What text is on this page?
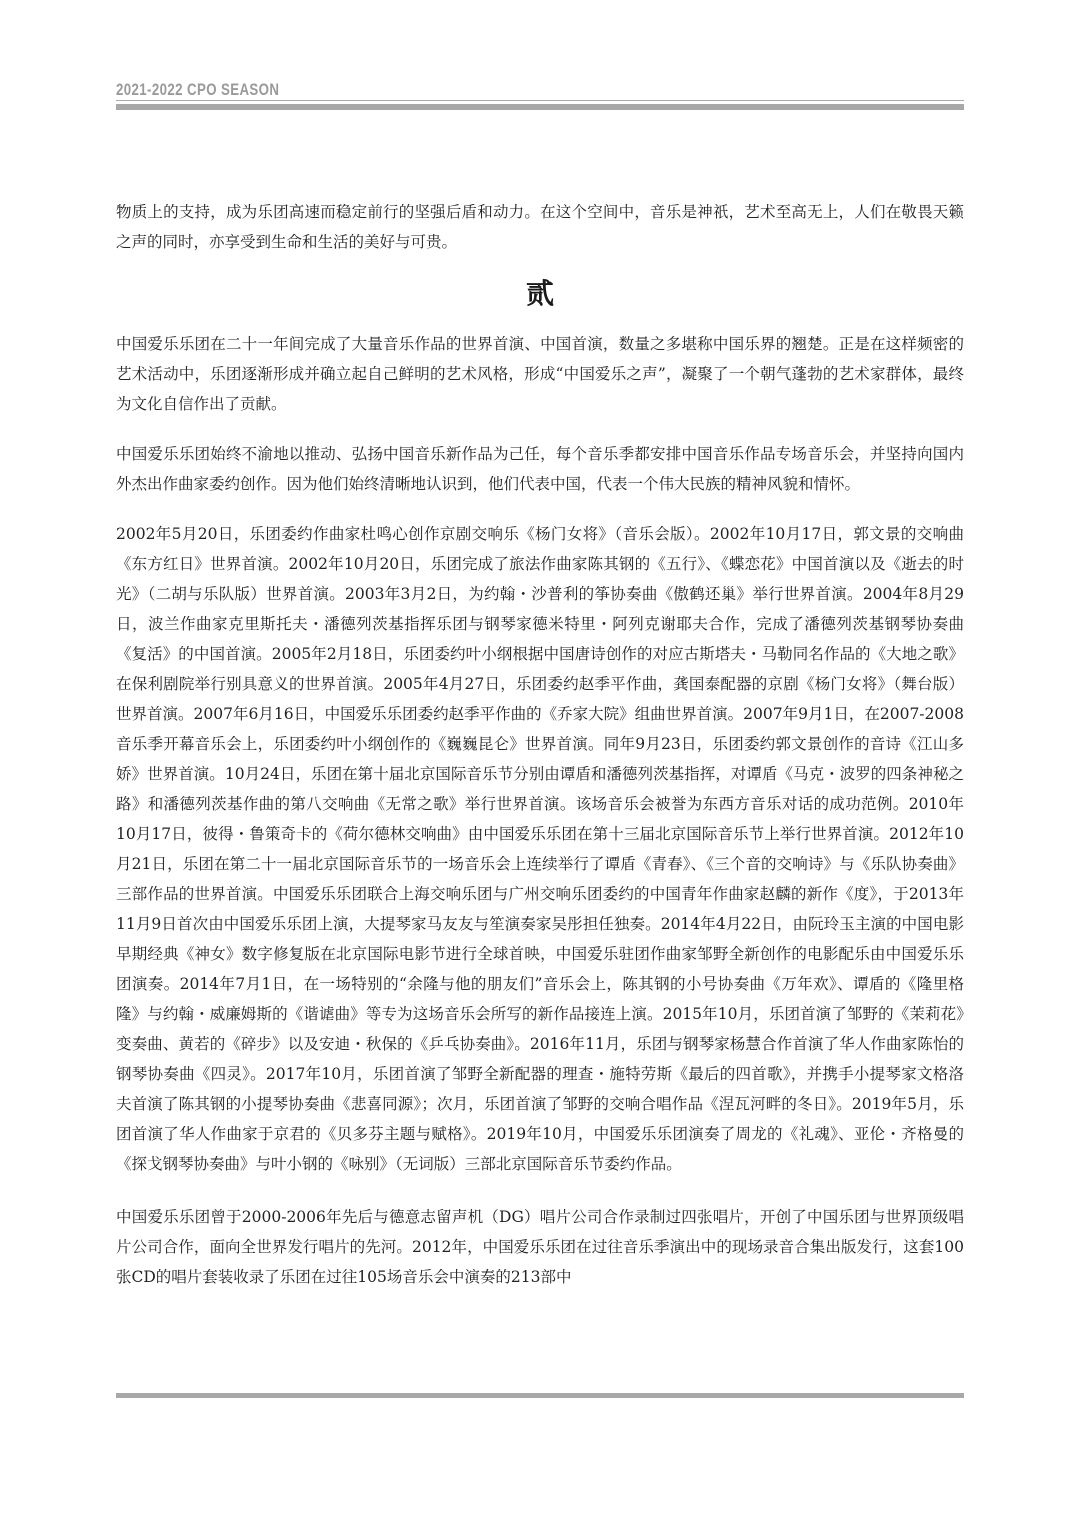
2021-2022 CPO SEASON

物质上的支持，成为乐团高速而稳定前行的坚强后盾和动力。在这个空间中，音乐是神祇，艺术至高无上，人们在敬畏天籁之声的同时，亦享受到生命和生活的美好与可贵。

贰

中国爱乐乐团在二十一年间完成了大量音乐作品的世界首演、中国首演，数量之多堪称中国乐界的翘楚。正是在这样频密的艺术活动中，乐团逐渐形成并确立起自己鲜明的艺术风格，形成“中国爱乐之声”，凝聚了一个朝气蓬勃的艺术家群体，最终为文化自信作出了贡献。

中国爱乐乐团始终不渝地以推动、弘扬中国音乐新作品为己任，每个音乐季都安排中国音乐作品专场音乐会，并坚持向国内外杰出作曲家委约创作。因为他们始终清晰地认识到，他们代表中国，代表一个伟大民族的精神风貌和情怀。

2002年5月20日，乐团委约作曲家杜鸣心创作京剧交响乐《杨门女将》（音乐会版）。2002年10月17日，郭文景的交响曲《东方红日》世界首演。2002年10月20日，乐团完成了旅法作曲家陈其钢的《五行》、《蝶恋花》中国首演以及《逝去的时光》（二胡与乐队版）世界首演。2003年3月2日，为约翰・沙普利的筝协奏曲《傲鹤还巢》举行世界首演。2004年8月29日，波兰作曲家克里斯托夫・潘德列茨基指挥乐团与钢琴家德米特里・阿列克谢耶夫合作，完成了潘德列茨基钢琴协奏曲《复活》的中国首演。2005年2月18日，乐团委约叶小纲根据中国唐诗创作的对应古斯塔夫・马勒同名作品的《大地之歌》在保利剧院举行别具意义的世界首演。2005年4月27日，乐团委约赵季平作曲，龚国泰配器的京剧《杨门女将》（舞台版）世界首演。2007年6月16日，中国爱乐乐团委约赵季平作曲的《乔家大院》组曲世界首演。2007年9月1日，在2007-2008音乐季开幕音乐会上，乐团委约叶小纲创作的《巍巍昆仑》世界首演。同年9月23日，乐团委约郭文景创作的音诗《江山多娇》世界首演。10月24日，乐团在第十届北京国际音乐节分别由谭盾和潘德列茨基指挥，对谭盾《马克・波罗的四条神秘之路》和潘德列茨基作曲的第八交响曲《无常之歌》举行世界首演。该场音乐会被誉为东西方音乐对话的成功范例。2010年10月17日，彼得・鲁策奇卡的《荷尔德林交响曲》由中国爱乐乐团在第十三届北京国际音乐节上举行世界首演。2012年10月21日，乐团在第二十一届北京国际音乐节的一场音乐会上连续举行了谭盾《青春》、《三个音的交响诗》与《乐队协奏曲》三部作品的世界首演。中国爱乐乐团联合上海交响乐团与广州交响乐团委约的中国青年作曲家赵麟的新作《度》，于2013年11月9日首次由中国爱乐乐团上演，大提琴家马友友与笙演奏家吴彤担任独奏。2014年4月22日，由阮玲玉主演的中国电影早期经典《神女》数字修复版在北京国际电影节进行全球首映，中国爱乐驻团作曲家邹野全新创作的电影配乐由中国爱乐乐团演奏。2014年7月1日，在一场特别的“余隆与他的朋友们”音乐会上，陈其钢的小号协奏曲《万年欢》、谭盾的《隆里格隆》与约翰・威廉姆斯的《谐谑曲》等专为这场音乐会所写的新作品接连上演。2015年10月，乐团首演了邹野的《茉莉花》变奏曲、黄若的《碎步》以及安迪・秋保的《乒乓协奏曲》。2016年11月，乐团与钢琴家杨慧合作首演了华人作曲家陈怡的钢琴协奏曲《四灵》。2017年10月，乐团首演了邹野全新配器的理查・施特劳斯《最后的四首歌》，并携手小提琴家文格洛夫首演了陈其钢的小提琴协奏曲《悲喜同源》；次月，乐团首演了邹野的交响合唱作品《涅瓦河畔的冬日》。2019年5月，乐团首演了华人作曲家于京君的《贝多芬主题与赋格》。2019年10月，中国爱乐乐团演奏了周龙的《礼魂》、亚伦・齐格曼的《探戈钢琴协奏曲》与叶小钢的《咏别》（无词版）三部北京国际音乐节委约作品。

中国爱乐乐团曾于2000-2006年先后与德意志留声机（DG）唱片公司合作录制过四张唱片，开创了中国乐团与世界顶级唱片公司合作，面向全世界发行唱片的先河。2012年，中国爱乐乐团在过往音乐季演出中的现场录音合集出版发行，这套100张CD的唱片套装收录了乐团在过往105场音乐会中演奏的213部中
